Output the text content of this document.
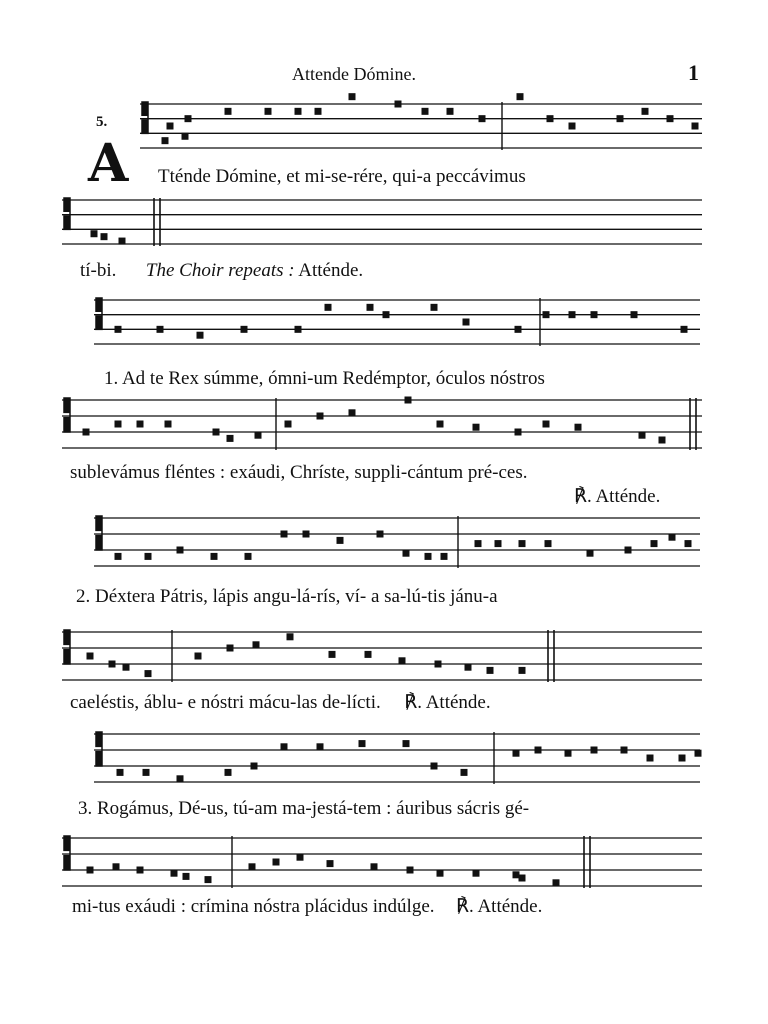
Attende Dómine.	1
5.
A Tténde Dómine, et mi-se-rére, qui-a peccávimus
tí-bi. The Choir repeats : Atténde.
1. Ad te Rex súmme, ómni-um Redémptor, óculos nóstros
sublevámus fléntes : exáudi, Chríste, suppli-cántum pré-ces.
℟. Atténde.
2. Déxtera Pátris, lápis angu-lá-rís, ví- a sa-lú-tis jánu-a
caeléstis, áblu- e nóstri mácu-las de-lícti. ℟. Atténde.
3. Rogámus, Dé-us, tú-am ma-jestá-tem : áuribus sácris gé-
mi-tus exáudi : crímina nóstra plácidus indúlge. ℟. Atténde.
